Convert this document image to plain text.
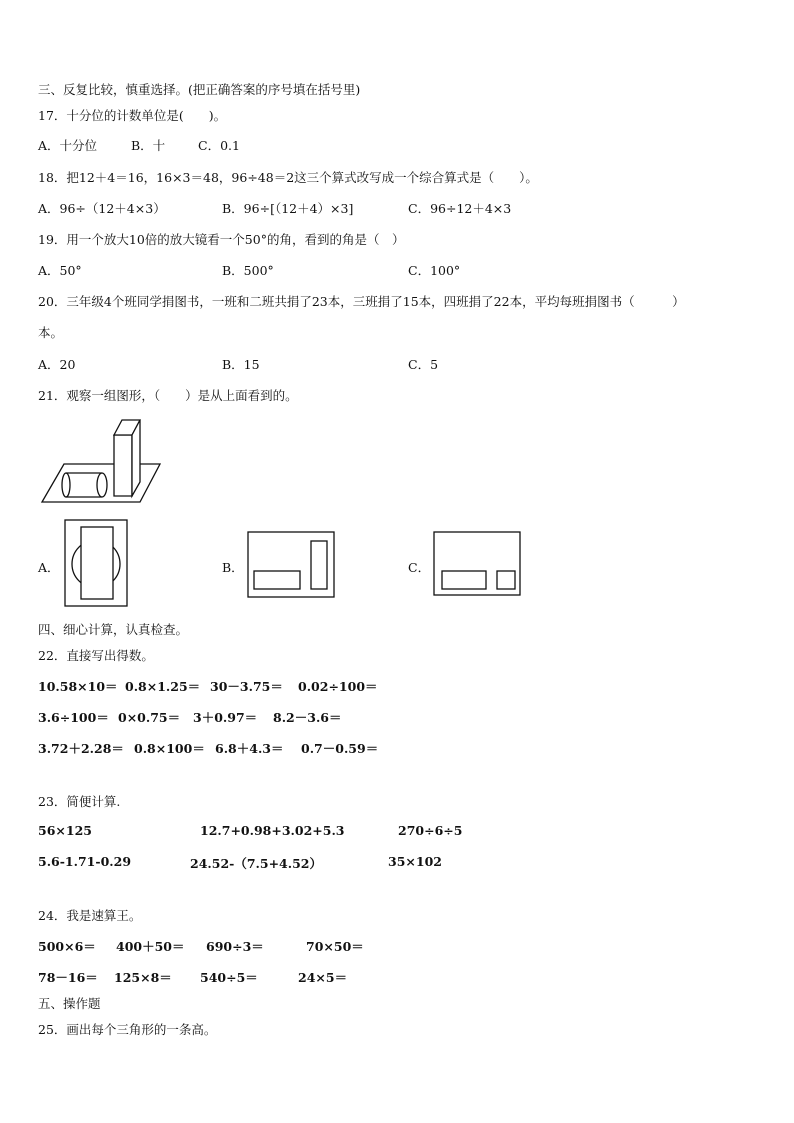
三、反复比较，慎重选择。(把正确答案的序号填在括号里)
17．十分位的计数单位是(　　)。
A．十分位	B．十	C．0.1
18．把12＋4＝16，16×3＝48，96÷48＝2这三个算式改写成一个综合算式是（　　）。
A．96÷（12＋4×3）	B．96÷[（12＋4）×3]	C．96÷12＋4×3
19．用一个放大10倍的放大镜看一个50°的角，看到的角是（　）
A．50°	B．500°	C．100°
20．三年级4个班同学捐图书，一班和二班共捐了23本，三班捐了15本，四班捐了22本，平均每班捐图书（　　　）
本。
A．20	B．15	C．5
21．观察一组图形，（　　）是从上面看到的。
A．	B．	C．
四、细心计算，认真检查。
22．直接写出得数。
10.58×10＝ 0.8×1.25＝ 30－3.75＝ 0.02÷100＝
3.6÷100＝ 0×0.75＝ 3＋0.97＝ 8.2－3.6＝
3.72＋2.28＝ 0.8×100＝ 6.8＋4.3＝ 0.7－0.59＝
23．简便计算.
56×125	12.7+0.98+3.02+5.3	270÷6÷5
5.6-1.71-0.29	24.52-（7.5+4.52）	35×102
24．我是速算王。
500×6＝ 400＋50＝ 690÷3＝	70×50＝
78－16＝ 125×8＝ 540÷5＝	24×5＝
五、操作题
25．画出每个三角形的一条高。
